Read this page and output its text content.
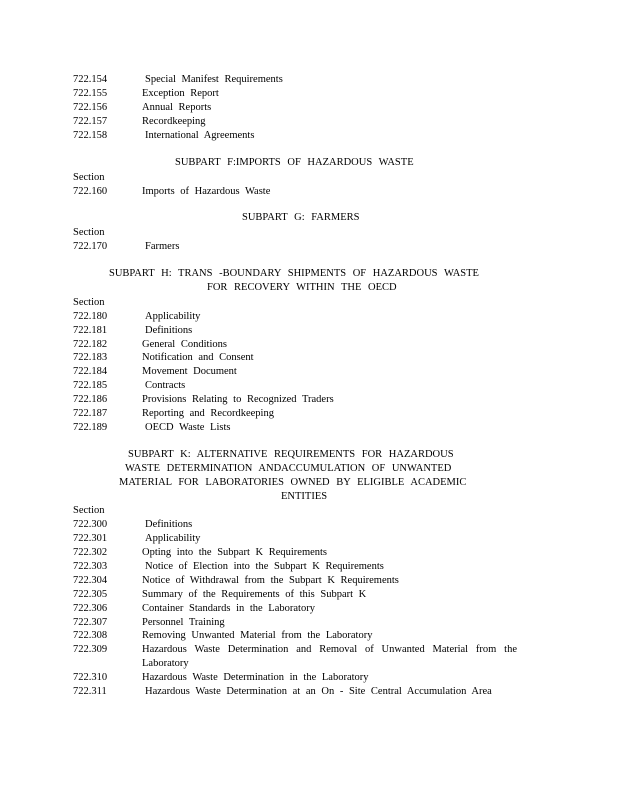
722.154	Special Manifest Requirements
722.155	Exception Report
722.156	Annual Reports
722.157	Recordkeeping
722.158	International Agreements
SUBPART F:IMPORTS OF HAZARDOUS WASTE
Section
722.160	Imports of Hazardous Waste
SUBPART G: FARMERS
Section
722.170	Farmers
SUBPART H: TRANS -BOUNDARY SHIPMENTS OF HAZARDOUS WASTE
FOR RECOVERY WITHIN THE OECD
Section
722.180	Applicability
722.181	Definitions
722.182	General Conditions
722.183	Notification and Consent
722.184	Movement Document
722.185	Contracts
722.186	Provisions Relating to Recognized Traders
722.187	Reporting and Recordkeeping
722.189	OECD Waste Lists
SUBPART K: ALTERNATIVE REQUIREMENTS FOR HAZARDOUS
WASTE DETERMINATION ANDACCUMULATION OF UNWANTED
MATERIAL FOR LABORATORIES OWNED BY ELIGIBLE ACADEMIC
ENTITIES
Section
722.300	Definitions
722.301	Applicability
722.302	Opting into the Subpart K Requirements
722.303	Notice of Election into the Subpart K Requirements
722.304	Notice of Withdrawal from the Subpart K Requirements
722.305	Summary of the Requirements of this Subpart K
722.306	Container Standards in the Laboratory
722.307	Personnel Training
722.308	Removing Unwanted Material from the Laboratory
722.309	Hazardous Waste Determination and Removal of Unwanted Material from the Laboratory
722.310	Hazardous Waste Determination in the Laboratory
722.311	Hazardous Waste Determination at an On - Site Central Accumulation Area
